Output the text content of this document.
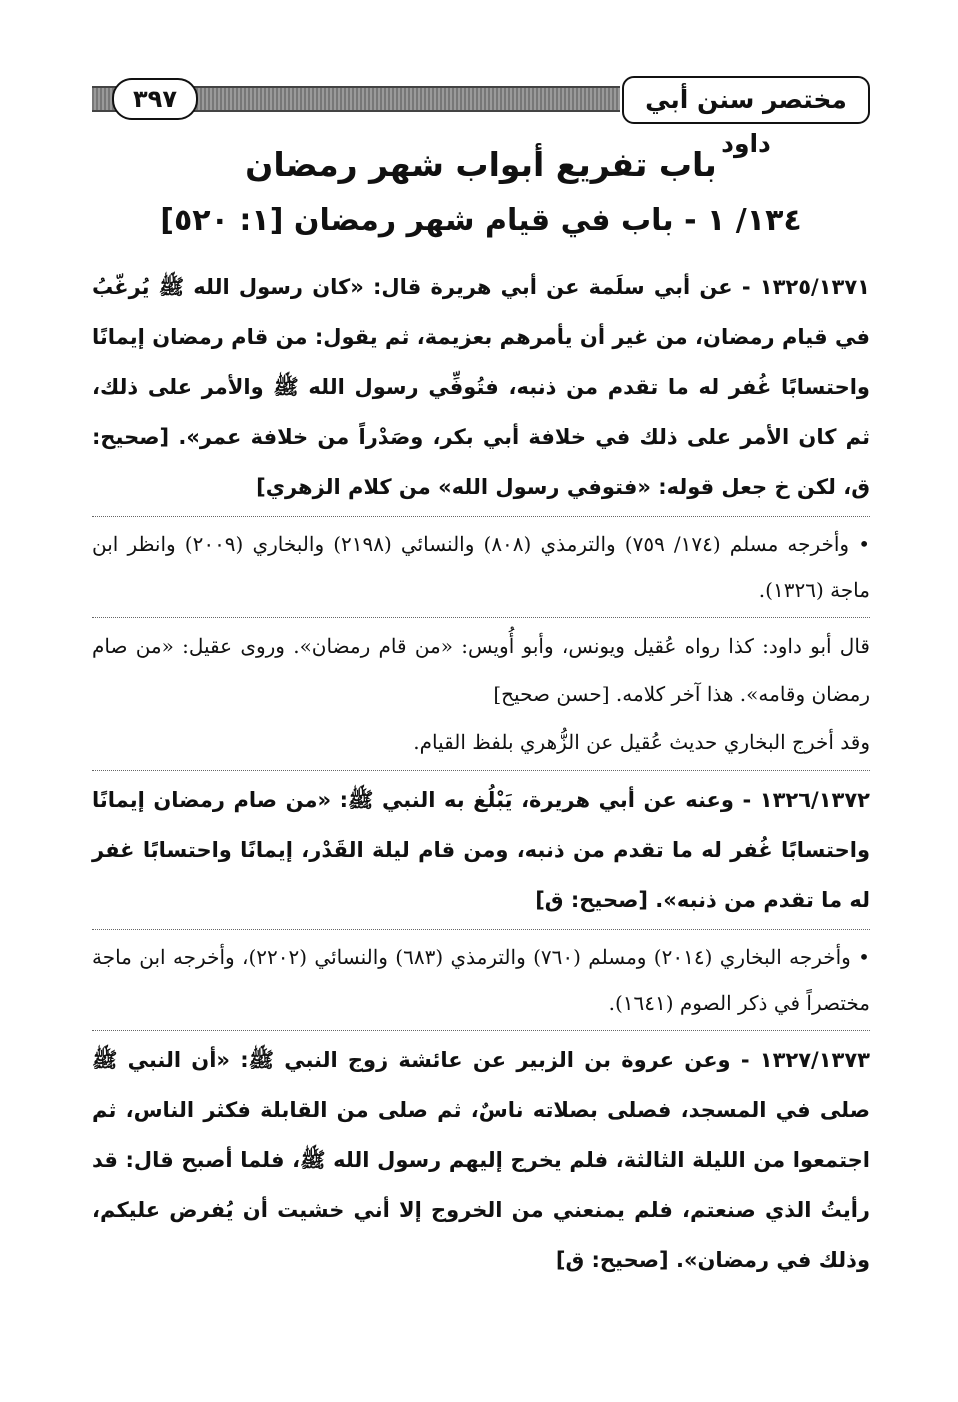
٣٩٧	مختصر سنن أبي داود
باب تفريع أبواب شهر رمضان
١٣٤/ ١ - باب في قيام شهر رمضان [١: ٥٢٠]

١٣٢٥/١٣٧١ - عن أبي سلَمة عن أبي هريرة قال: «كان رسول الله ﷺ يُرغّبُ في قيام رمضان، من غير أن يأمرهم بعزيمة، ثم يقول: من قام رمضان إيمانًا واحتسابًا غُفر له ما تقدم من ذنبه، فتُوفِّي رسول الله ﷺ والأمر على ذلك، ثم كان الأمر على ذلك في خلافة أبي بكر، وصَدْراً من خلافة عمر». [صحيح: ق، لكن خ جعل قوله: «فتوفي رسول الله» من كلام الزهري]

• وأخرجه مسلم (١٧٤/ ٧٥٩) والترمذي (٨٠٨) والنسائي (٢١٩٨) والبخاري (٢٠٠٩) وانظر ابن ماجة (١٣٢٦).

قال أبو داود: كذا رواه عُقيل ويونس، وأبو أُويس: «من قام رمضان». وروى عقيل: «من صام رمضان وقامه». هذا آخر كلامه. [حسن صحيح]

وقد أخرج البخاري حديث عُقيل عن الزُّهري بلفظ القيام.

١٣٢٦/١٣٧٢ - وعنه عن أبي هريرة، يَبْلُغ به النبي ﷺ: «من صام رمضان إيمانًا واحتسابًا غُفر له ما تقدم من ذنبه، ومن قام ليلة القَدْر، إيمانًا واحتسابًا غفر له ما تقدم من ذنبه». [صحيح: ق]

• وأخرجه البخاري (٢٠١٤) ومسلم (٧٦٠) والترمذي (٦٨٣) والنسائي (٢٢٠٢)، وأخرجه ابن ماجة مختصراً في ذكر الصوم (١٦٤١).

١٣٢٧/١٣٧٣ - وعن عروة بن الزبير عن عائشة زوج النبي ﷺ: «أن النبي ﷺ صلى في المسجد، فصلى بصلاته ناسٌ، ثم صلى من القابلة فكثر الناس، ثم اجتمعوا من الليلة الثالثة، فلم يخرج إليهم رسول الله ﷺ، فلما أصبح قال: قد رأيتُ الذي صنعتم، فلم يمنعني من الخروج إلا أني خشيت أن يُفرض عليكم، وذلك في رمضان». [صحيح: ق]
